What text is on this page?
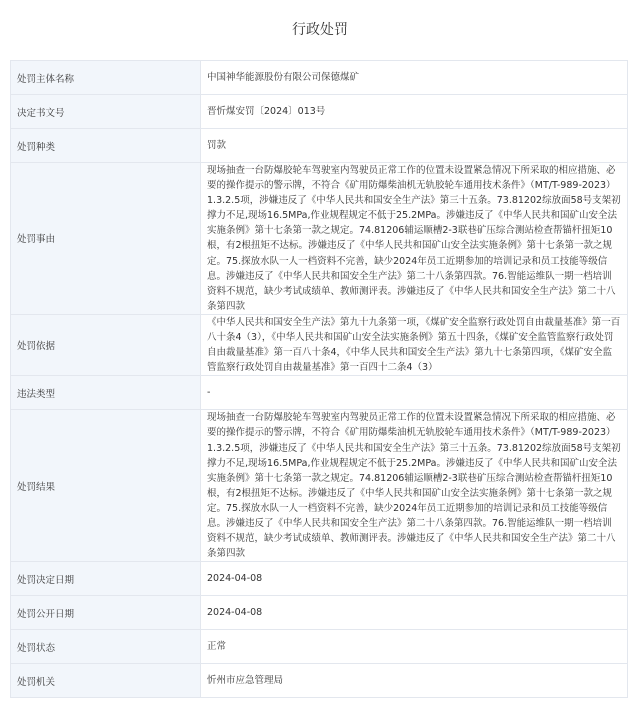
行政处罚
处罚主体名称	中国神华能源股份有限公司保德煤矿
决定书文号	晋忻煤安罚〔2024〕013号
处罚种类	罚款
处罚事由	现场抽查一台防爆胶轮车驾驶室内驾驶员正常工作的位置未设置紧急情况下所采取的相应措施、必要的操作提示的警示牌，不符合《矿用防爆柴油机无轨胶轮车通用技术条件》（MT/T-989-2023）1.3.2.5项，涉嫌违反了《中华人民共和国安全生产法》第三十五条。73.81202综放面58号支架初撑力不足,现场16.5MPa,作业规程规定不低于25.2MPa。涉嫌违反了《中华人民共和国矿山安全法实施条例》第十七条第一款之规定。74.81206辅运顺槽2-3联巷矿压综合测站检查帮锚杆扭矩10根，有2根扭矩不达标。涉嫌违反了《中华人民共和国矿山安全法实施条例》第十七条第一款之规定。75.探放水队一人一档资料不完善，缺少2024年员工近期参加的培训记录和员工技能等级信息。涉嫌违反了《中华人民共和国安全生产法》第二十八条第四款。76.智能运维队一期一档培训资料不规范，缺少考试成绩单、教师测评表。涉嫌违反了《中华人民共和国安全生产法》第二十八条第四款
处罚依据	《中华人民共和国安全生产法》第九十九条第一项，《煤矿安全监察行政处罚自由裁量基准》第一百八十条4（3），《中华人民共和国矿山安全法实施条例》第五十四条，《煤矿安全监管监察行政处罚自由裁量基准》第一百八十条4，《中华人民共和国安全生产法》第九十七条第四项，《煤矿安全监管监察行政处罚自由裁量基准》第一百四十二条4（3）
违法类型	-
处罚结果	现场抽查一台防爆胶轮车驾驶室内驾驶员正常工作的位置未设置紧急情况下所采取的相应措施、必要的操作提示的警示牌，不符合《矿用防爆柴油机无轨胶轮车通用技术条件》（MT/T-989-2023）1.3.2.5项，涉嫌违反了《中华人民共和国安全生产法》第三十五条。73.81202综放面58号支架初撑力不足,现场16.5MPa,作业规程规定不低于25.2MPa。涉嫌违反了《中华人民共和国矿山安全法实施条例》第十七条第一款之规定。74.81206辅运顺槽2-3联巷矿压综合测站检查帮锚杆扭矩10根，有2根扭矩不达标。涉嫌违反了《中华人民共和国矿山安全法实施条例》第十七条第一款之规定。75.探放水队一人一档资料不完善，缺少2024年员工近期参加的培训记录和员工技能等级信息。涉嫌违反了《中华人民共和国安全生产法》第二十八条第四款。76.智能运维队一期一档培训资料不规范，缺少考试成绩单、教师测评表。涉嫌违反了《中华人民共和国安全生产法》第二十八条第四款
处罚决定日期	2024-04-08
处罚公开日期	2024-04-08
处罚状态	正常
处罚机关	忻州市应急管理局
